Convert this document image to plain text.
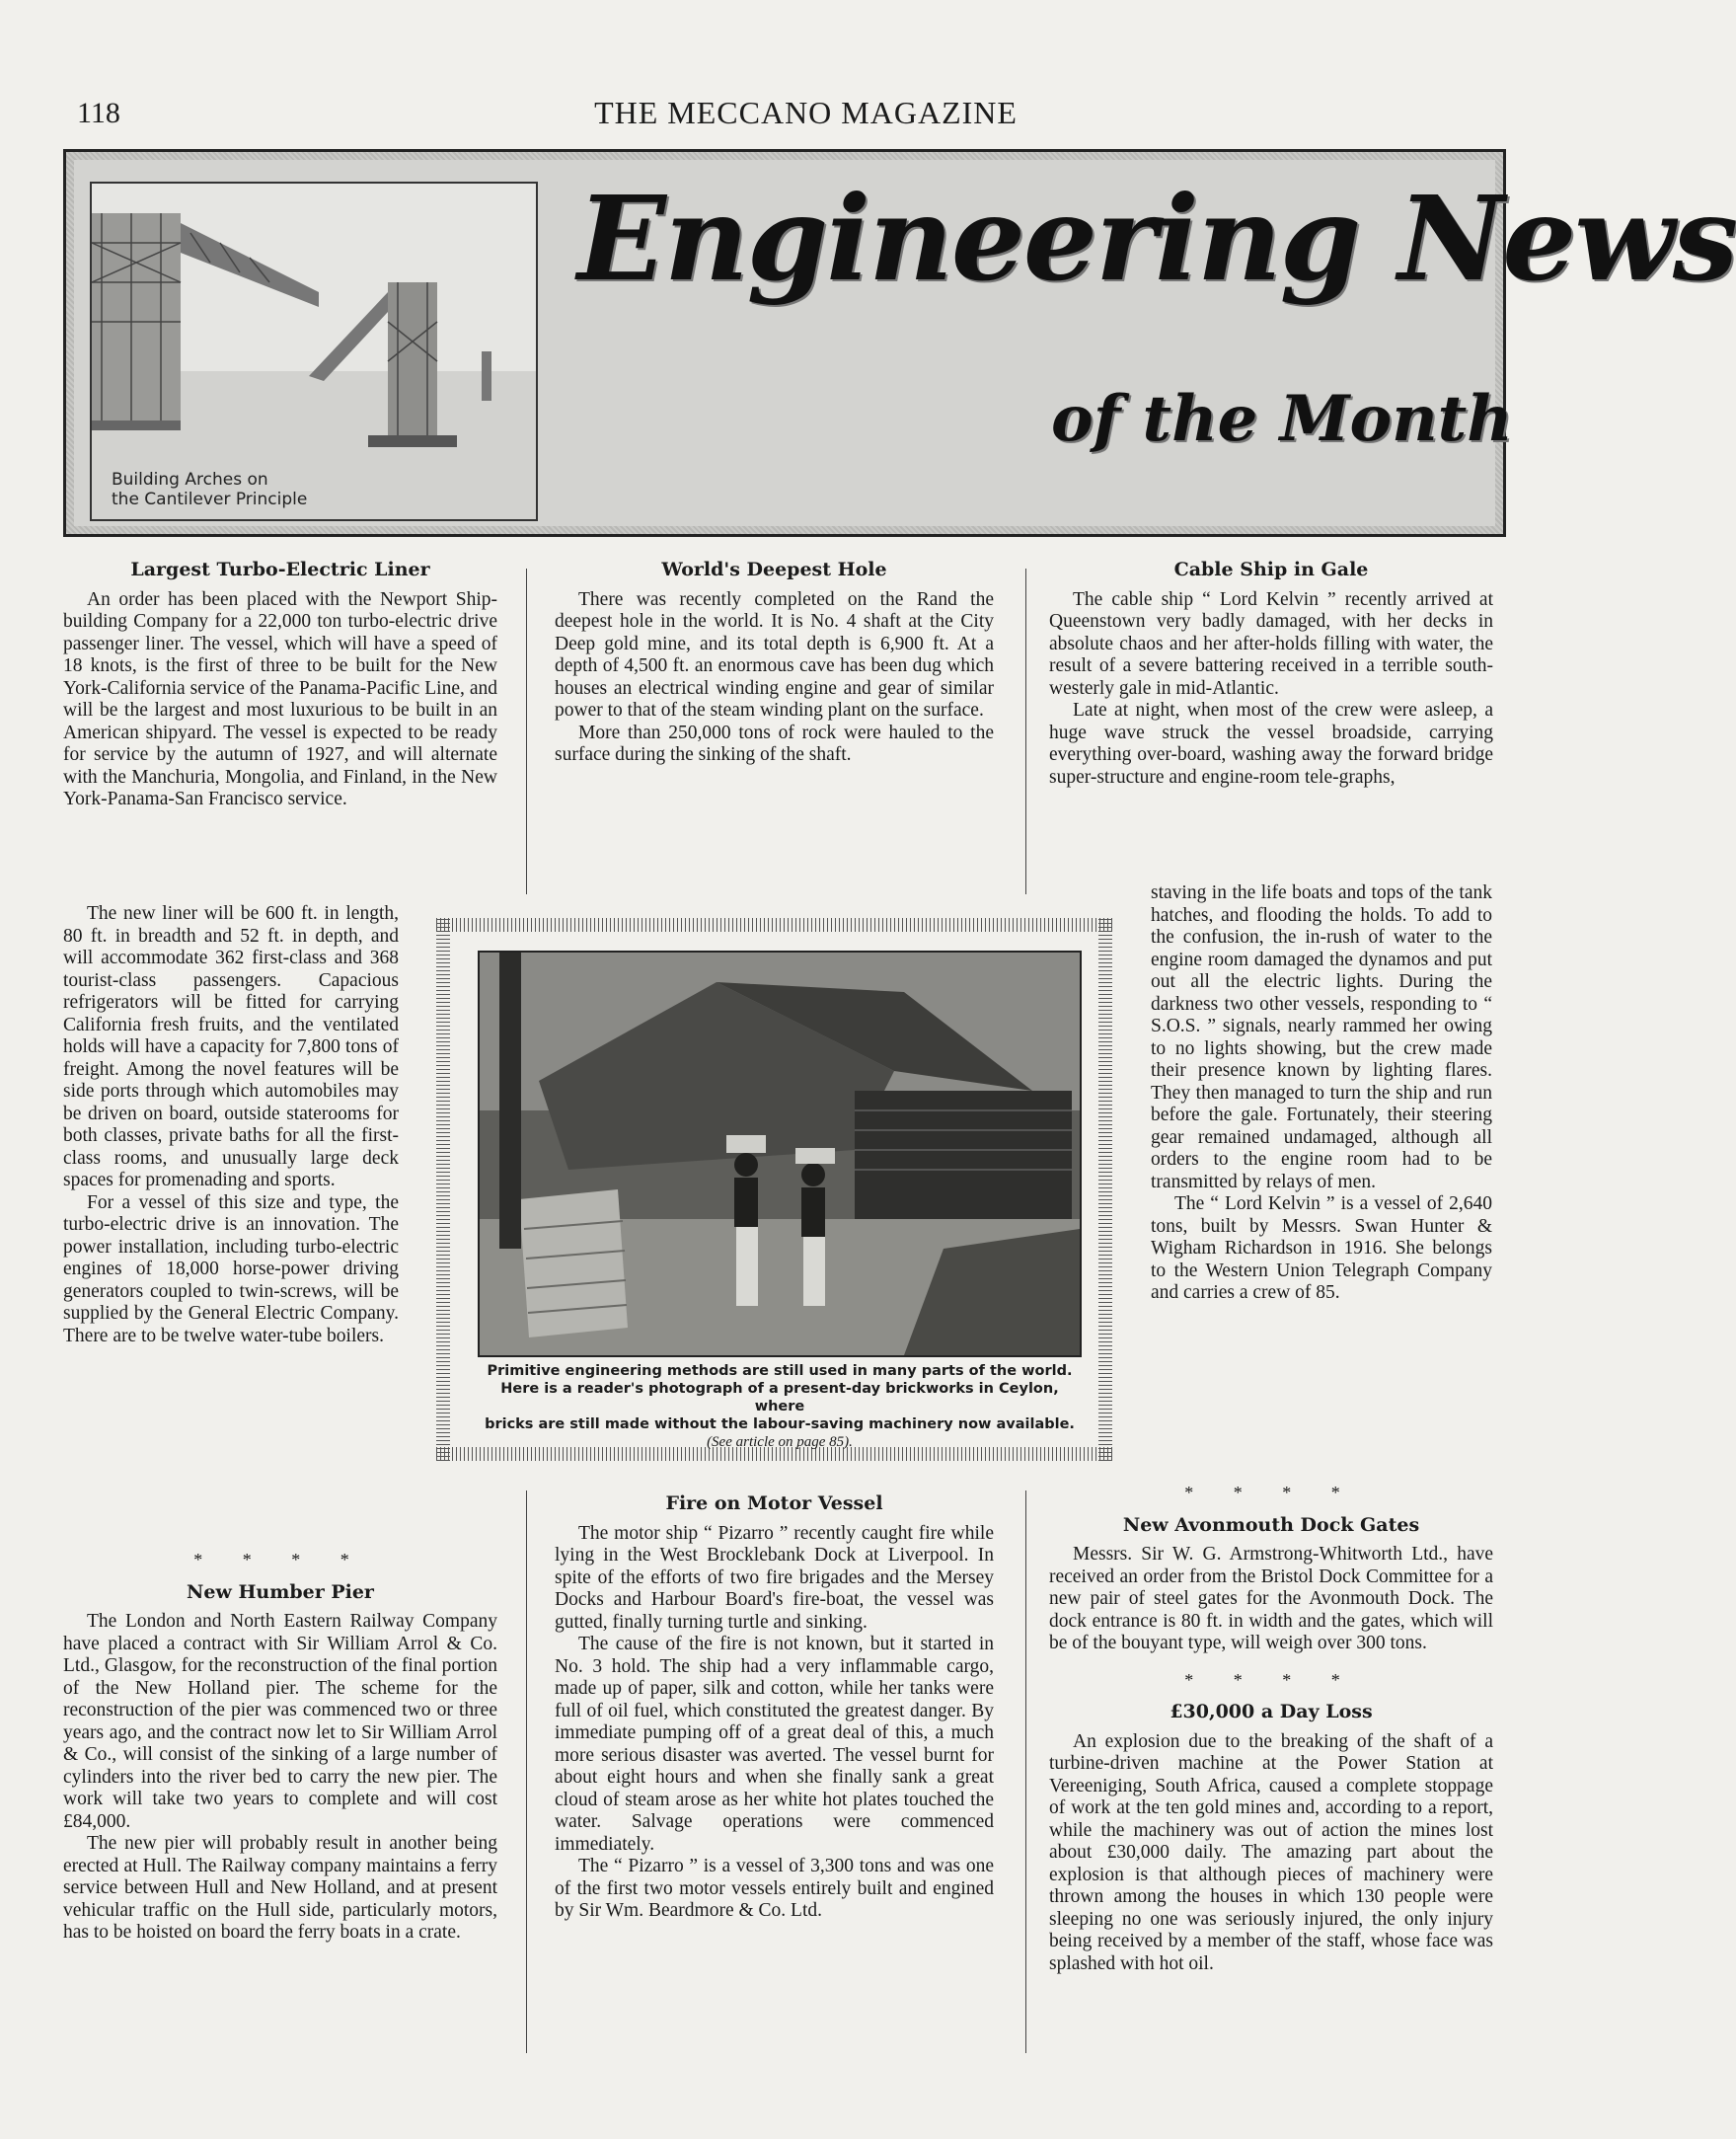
118	THE MECCANO MAGAZINE
Building Arches on
the Cantilever Principle
Engineering News
of the Month
Largest Turbo-Electric Liner

An order has been placed with the Newport Ship-building Company for a 22,000 ton turbo-electric drive passenger liner. The vessel, which will have a speed of 18 knots, is the first of three to be built for the New York-California service of the Panama-Pacific Line, and will be the largest and most luxurious to be built in an American shipyard. The vessel is expected to be ready for service by the autumn of 1927, and will alternate with the Manchuria, Mongolia, and Finland, in the New York-Panama-San Francisco service.

The new liner will be 600 ft. in length, 80 ft. in breadth and 52 ft. in depth, and will accommodate 362 first-class and 368 tourist-class passengers. Capacious refrigerators will be fitted for carrying California fresh fruits, and the ventilated holds will have a capacity for 7,800 tons of freight. Among the novel features will be side ports through which automobiles may be driven on board, outside staterooms for both classes, private baths for all the first-class rooms, and unusually large deck spaces for promenading and sports.

For a vessel of this size and type, the turbo-electric drive is an innovation. The power installation, including turbo-electric engines of 18,000 horse-power driving generators coupled to twin-screws, will be supplied by the General Electric Company. There are to be twelve water-tube boilers.

* * * *
New Humber Pier

The London and North Eastern Railway Company have placed a contract with Sir William Arrol & Co. Ltd., Glasgow, for the reconstruction of the final portion of the New Holland pier. The scheme for the reconstruction of the pier was commenced two or three years ago, and the contract now let to Sir William Arrol & Co., will consist of the sinking of a large number of cylinders into the river bed to carry the new pier. The work will take two years to complete and will cost £84,000.

The new pier will probably result in another being erected at Hull. The Railway company maintains a ferry service between Hull and New Holland, and at present vehicular traffic on the Hull side, particularly motors, has to be hoisted on board the ferry boats in a crate.

World's Deepest Hole

There was recently completed on the Rand the deepest hole in the world. It is No. 4 shaft at the City Deep gold mine, and its total depth is 6,900 ft. At a depth of 4,500 ft. an enormous cave has been dug which houses an electrical winding engine and gear of similar power to that of the steam winding plant on the surface.

More than 250,000 tons of rock were hauled to the surface during the sinking of the shaft.

Primitive engineering methods are still used in many parts of the world.
Here is a reader's photograph of a present-day brickworks in Ceylon, where
bricks are still made without the labour-saving machinery now available.
(See article on page 85).
Fire on Motor Vessel

The motor ship “ Pizarro ” recently caught fire while lying in the West Brocklebank Dock at Liverpool. In spite of the efforts of two fire brigades and the Mersey Docks and Harbour Board's fire-boat, the vessel was gutted, finally turning turtle and sinking.

The cause of the fire is not known, but it started in No. 3 hold. The ship had a very inflammable cargo, made up of paper, silk and cotton, while her tanks were full of oil fuel, which constituted the greatest danger. By immediate pumping off of a great deal of this, a much more serious disaster was averted. The vessel burnt for about eight hours and when she finally sank a great cloud of steam arose as her white hot plates touched the water. Salvage operations were commenced immediately.

The “ Pizarro ” is a vessel of 3,300 tons and was one of the first two motor vessels entirely built and engined by Sir Wm. Beardmore & Co. Ltd.

Cable Ship in Gale

The cable ship “ Lord Kelvin ” recently arrived at Queenstown very badly damaged, with her decks in absolute chaos and her after-holds filling with water, the result of a severe battering received in a terrible south-westerly gale in mid-Atlantic.

Late at night, when most of the crew were asleep, a huge wave struck the vessel broadside, carrying everything over-board, washing away the forward bridge super-structure and engine-room tele-graphs,

staving in the life boats and tops of the tank hatches, and flooding the holds. To add to the confusion, the in-rush of water to the engine room damaged the dynamos and put out all the electric lights. During the darkness two other vessels, responding to “ S.O.S. ” signals, nearly rammed her owing to no lights showing, but the crew made their presence known by lighting flares. They then managed to turn the ship and run before the gale. Fortunately, their steering gear remained undamaged, although all orders to the engine room had to be transmitted by relays of men.

The “ Lord Kelvin ” is a vessel of 2,640 tons, built by Messrs. Swan Hunter & Wigham Richardson in 1916. She belongs to the Western Union Telegraph Company and carries a crew of 85.

* * * *
New Avonmouth Dock Gates

Messrs. Sir W. G. Armstrong-Whitworth Ltd., have received an order from the Bristol Dock Committee for a new pair of steel gates for the Avonmouth Dock. The dock entrance is 80 ft. in width and the gates, which will be of the bouyant type, will weigh over 300 tons.

* * * *
£30,000 a Day Loss

An explosion due to the breaking of the shaft of a turbine-driven machine at the Power Station at Vereeniging, South Africa, caused a complete stoppage of work at the ten gold mines and, according to a report, while the machinery was out of action the mines lost about £30,000 daily. The amazing part about the explosion is that although pieces of machinery were thrown among the houses in which 130 people were sleeping no one was seriously injured, the only injury being received by a member of the staff, whose face was splashed with hot oil.
